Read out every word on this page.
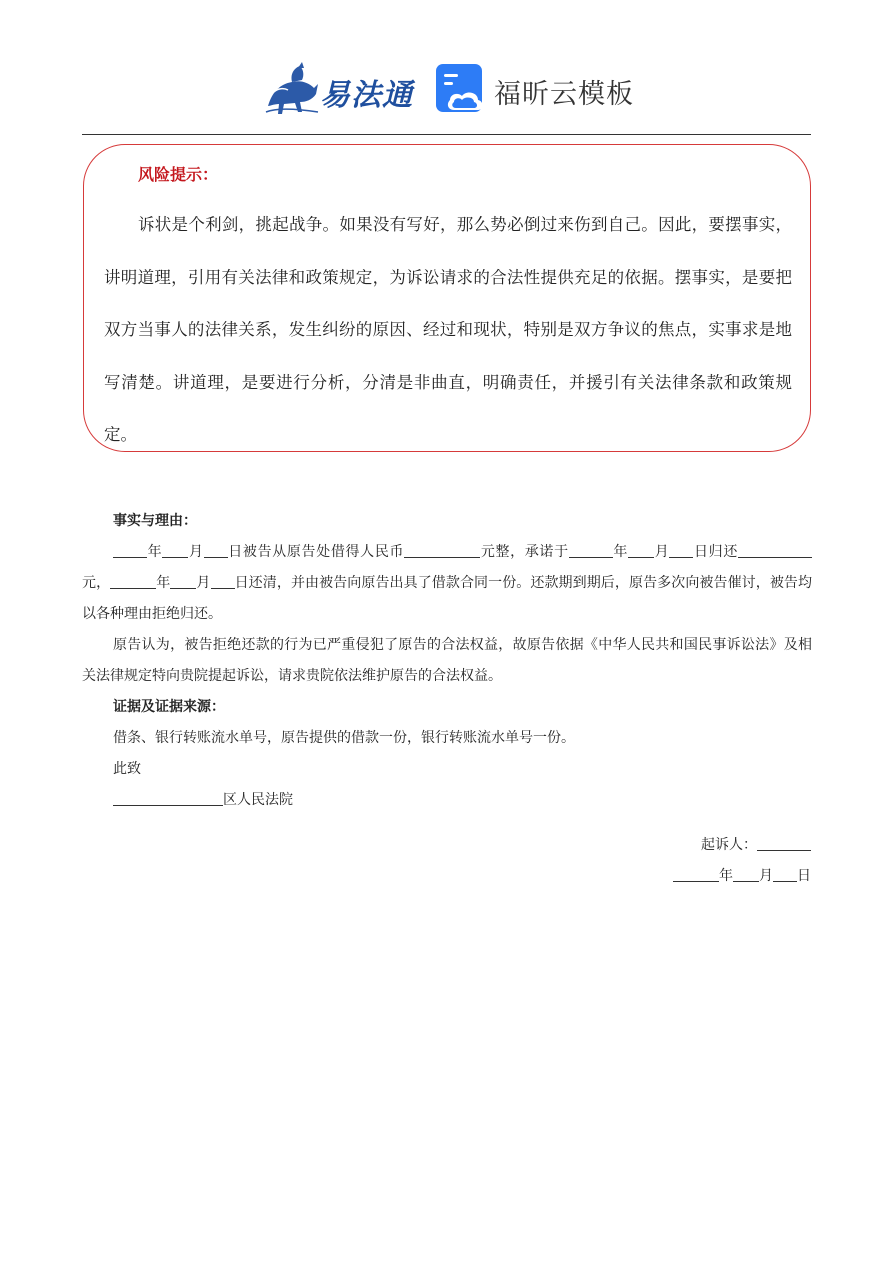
易法通	福昕云模板
风险提示：

诉状是个利剑，挑起战争。如果没有写好，那么势必倒过来伤到自己。因此，要摆事实，讲明道理，引用有关法律和政策规定，为诉讼请求的合法性提供充足的依据。摆事实，是要把双方当事人的法律关系，发生纠纷的原因、经过和现状，特别是双方争议的焦点，实事求是地写清楚。讲道理，是要进行分析，分清是非曲直，明确责任，并援引有关法律条款和政策规定。

事实与理由：

年 月 日被告从原告处借得人民币	元整，承诺于	年 月 日归还元，	年 月 日还清，并由被告向原告出具了借款合同一份。还款期到期后，原告多次向被告催讨，被告均以各种理由拒绝归还。

原告认为，被告拒绝还款的行为已严重侵犯了原告的合法权益，故原告依据《中华人民共和国民事诉讼法》及相关法律规定特向贵院提起诉讼，请求贵院依法维护原告的合法权益。

证据及证据来源：

借条、银行转账流水单号，原告提供的借款一份，银行转账流水单号一份。

此致

区人民法院

起诉人：
年 月 日
